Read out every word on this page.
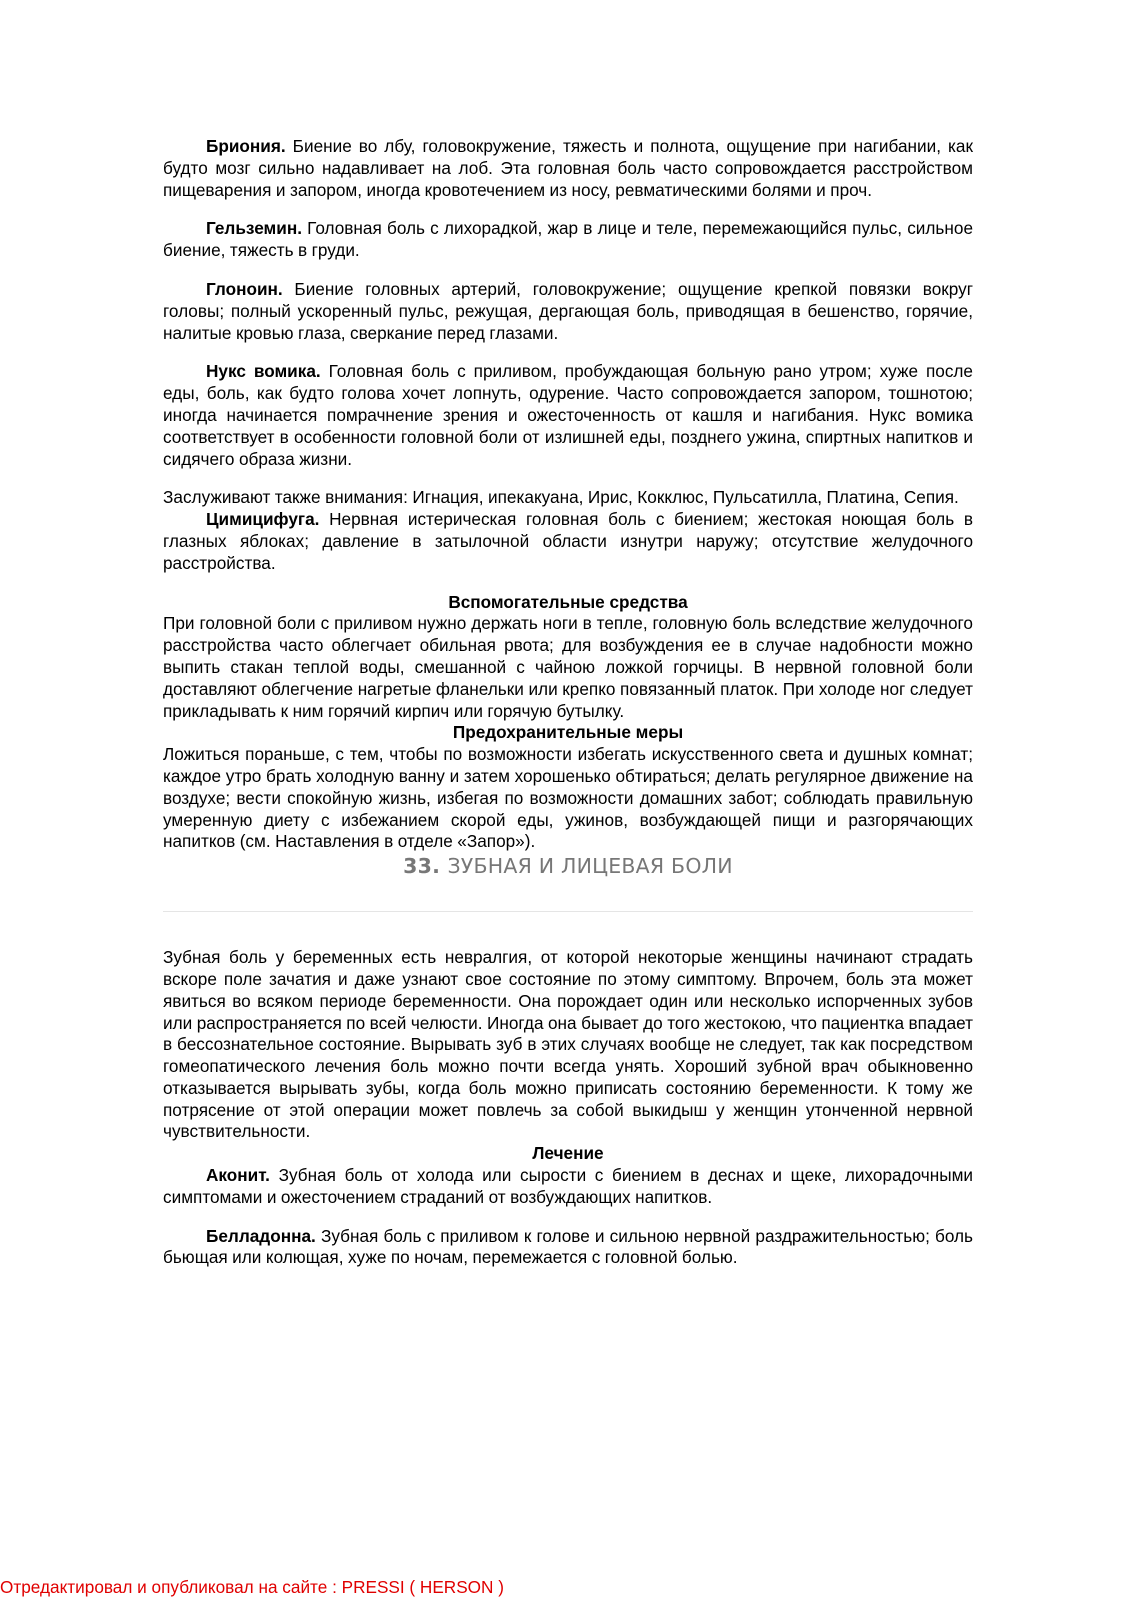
Бриония. Биение во лбу, головокружение, тяжесть и полнота, ощущение при нагибании, как будто мозг сильно надавливает на лоб. Эта головная боль часто сопровождается расстройством пищеварения и запором, иногда кровотечением из носу, ревматическими болями и проч.

Гельземин. Головная боль с лихорадкой, жар в лице и теле, перемежающийся пульс, сильное биение, тяжесть в груди.

Глоноин. Биение головных артерий, головокружение; ощущение крепкой повязки вокруг головы; полный ускоренный пульс, режущая, дергающая боль, приводящая в бешенство, горячие, налитые кровью глаза, сверкание перед глазами.

Нукс вомика. Головная боль с приливом, пробуждающая больную рано утром; хуже после еды, боль, как будто голова хочет лопнуть, одурение. Часто сопровождается запором, тошнотою; иногда начинается помрачнение зрения и ожесточенность от кашля и нагибания. Нукс вомика соответствует в особенности головной боли от излишней еды, позднего ужина, спиртных напитков и сидячего образа жизни.

Заслуживают также внимания: Игнация, ипекакуана, Ирис, Кокклюс, Пульсатилла, Платина, Сепия.

Цимицифуга. Нервная истерическая головная боль с биением; жестокая ноющая боль в глазных яблоках; давление в затылочной области изнутри наружу; отсутствие желудочного расстройства.

Вспомогательные средства

При головной боли с приливом нужно держать ноги в тепле, головную боль вследствие желудочного расстройства часто облегчает обильная рвота; для возбуждения ее в случае надобности можно выпить стакан теплой воды, смешанной с чайною ложкой горчицы. В нервной головной боли доставляют облегчение нагретые фланельки или крепко повязанный платок. При холоде ног следует прикладывать к ним горячий кирпич или горячую бутылку.

Предохранительные меры

Ложиться пораньше, с тем, чтобы по возможности избегать искусственного света и душных комнат; каждое утро брать холодную ванну и затем хорошенько обтираться; делать регулярное движение на воздухе; вести спокойную жизнь, избегая по возможности домашних забот; соблюдать правильную умеренную диету с избежанием скорой еды, ужинов, возбуждающей пищи и разгорячающих напитков (см. Наставления в отделе «Запор»).

33. ЗУБНАЯ И ЛИЦЕВАЯ БОЛИ

Зубная боль у беременных есть невралгия, от которой некоторые женщины начинают страдать вскоре поле зачатия и даже узнают свое состояние по этому симптому. Впрочем, боль эта может явиться во всяком периоде беременности. Она порождает один или несколько испорченных зубов или распространяется по всей челюсти. Иногда она бывает до того жестокою, что пациентка впадает в бессознательное состояние. Вырывать зуб в этих случаях вообще не следует, так как посредством гомеопатического лечения боль можно почти всегда унять. Хороший зубной врач обыкновенно отказывается вырывать зубы, когда боль можно приписать состоянию беременности. К тому же потрясение от этой операции может повлечь за собой выкидыш у женщин утонченной нервной чувствительности.

Лечение

Аконит. Зубная боль от холода или сырости с биением в деснах и щеке, лихорадочными симптомами и ожесточением страданий от возбуждающих напитков.

Белладонна. Зубная боль с приливом к голове и сильною нервной раздражительностью; боль бьющая или колющая, хуже по ночам, перемежается с головной болью.

Отредактировал и опубликовал на сайте : PRESSI ( HERSON )
